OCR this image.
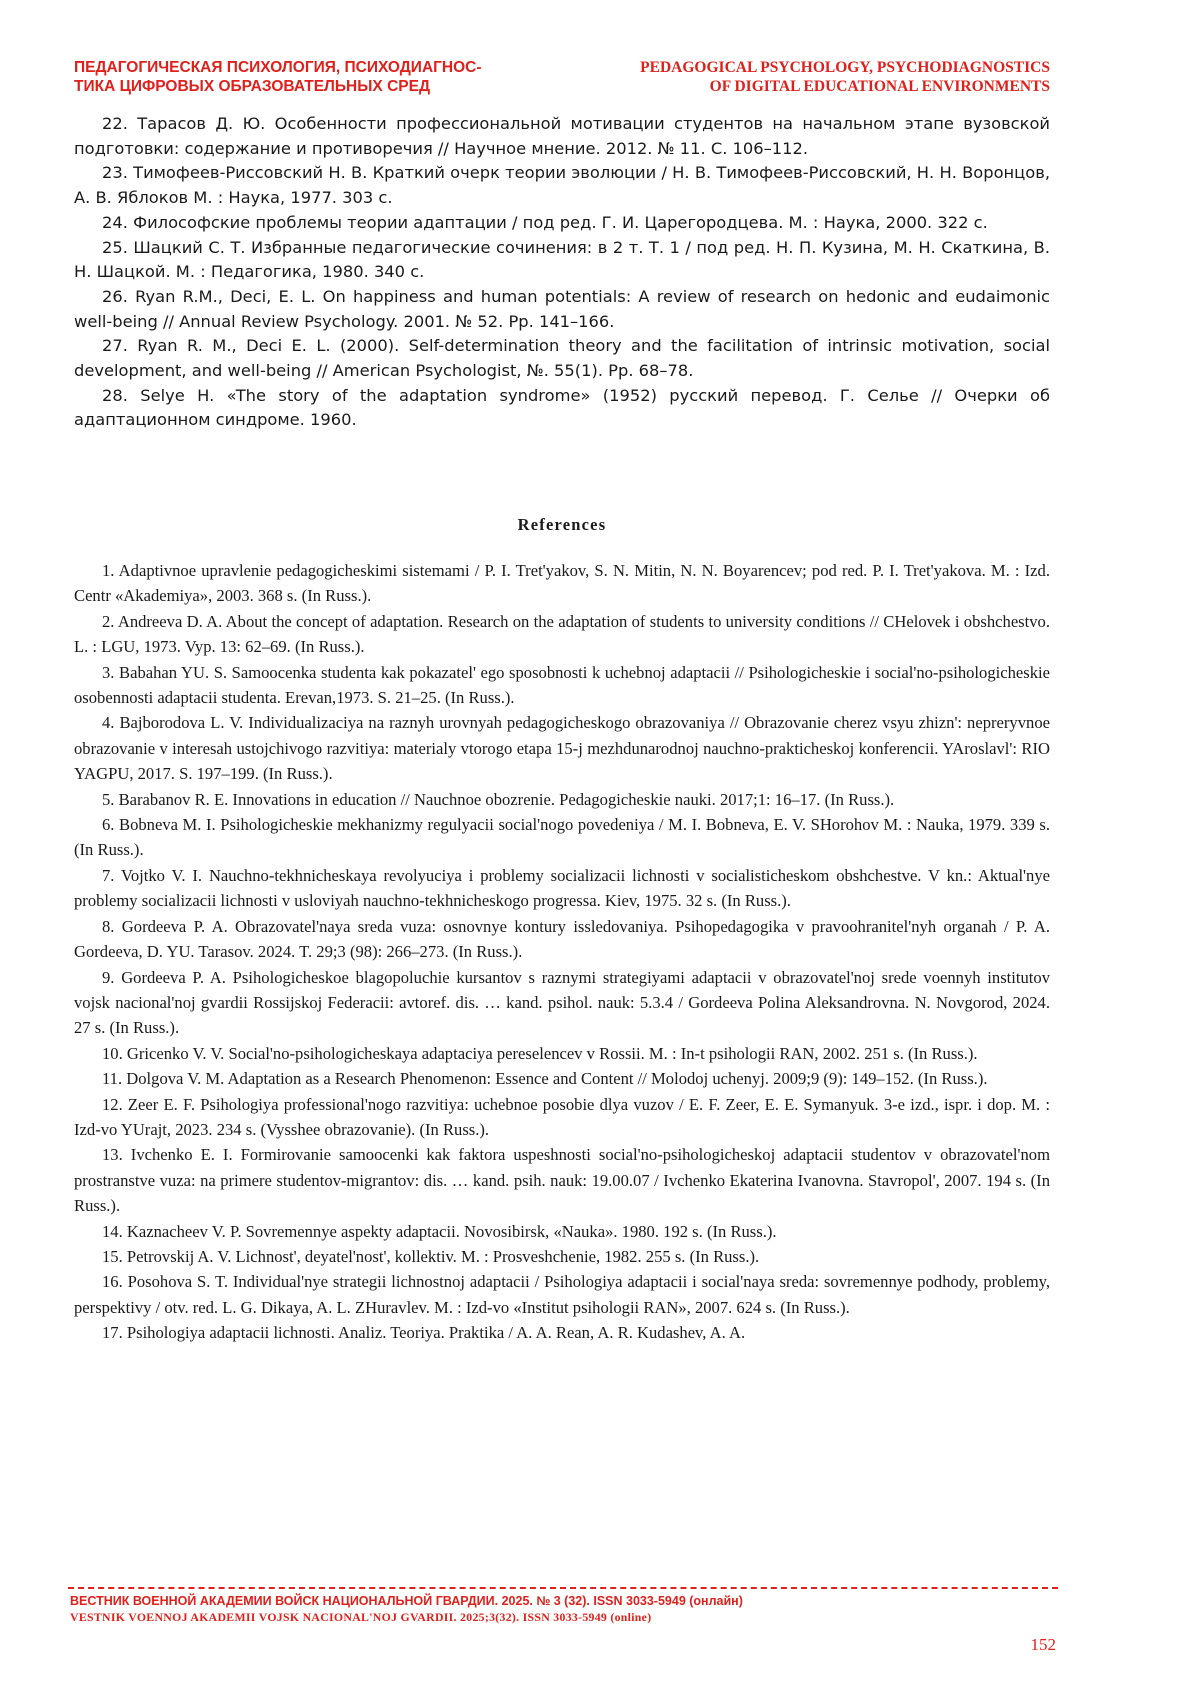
ПЕДАГОГИЧЕСКАЯ ПСИХОЛОГИЯ, ПСИХОДИАГНОС-
ТИКА ЦИФРОВЫХ ОБРАЗОВАТЕЛЬНЫХ СРЕД
PEDAGOGICAL PSYCHOLOGY, PSYCHODIAGNOSTICS
OF DIGITAL EDUCATIONAL ENVIRONMENTS

22. Тарасов Д. Ю. Особенности профессиональной мотивации студентов на начальном этапе вузовской подготовки: содержание и противоречия // Научное мнение. 2012. № 11. С. 106–112.

23. Тимофеев-Риссовский Н. В. Краткий очерк теории эволюции / Н. В. Тимофеев-Риссовский, Н. Н. Воронцов, А. В. Яблоков М. : Наука, 1977. 303 с.

24. Философские проблемы теории адаптации / под ред. Г. И. Царегородцева. М. : Наука, 2000. 322 с.

25. Шацкий С. Т. Избранные педагогические сочинения: в 2 т. Т. 1 / под ред. Н. П. Кузина, М. Н. Скаткина, В. Н. Шацкой. М. : Педагогика, 1980. 340 с.

26. Ryan R.M., Deci, E. L. On happiness and human potentials: A review of research on hedonic and eudaimonic well-being // Annual Review Psychology. 2001. № 52. Pp. 141–166.

27. Ryan R. M., Deci E. L. (2000). Self-determination theory and the facilitation of intrinsic motivation, social development, and well-being // American Psychologist, №. 55(1). Pp. 68–78.

28. Selye H. «The story of the adaptation syndrome» (1952) русский перевод. Г. Селье // Очерки об адаптационном синдроме. 1960.

References

1. Adaptivnoe upravlenie pedagogicheskimi sistemami / P. I. Tret'yakov, S. N. Mitin, N. N. Boyarencev; pod red. P. I. Tret'yakova. M. : Izd. Centr «Akademiya», 2003. 368 s. (In Russ.).

2. Andreeva D. A. About the concept of adaptation. Research on the adaptation of students to university conditions // CHelovek i obshchestvo. L. : LGU, 1973. Vyp. 13: 62–69. (In Russ.).

3. Babahan YU. S. Samoocenka studenta kak pokazatel' ego sposobnosti k uchebnoj adaptacii // Psihologicheskie i social'no-psihologicheskie osobennosti adaptacii studenta. Erevan,1973. S. 21–25. (In Russ.).

4. Bajborodova L. V. Individualizaciya na raznyh urovnyah pedagogicheskogo obrazovaniya // Obrazovanie cherez vsyu zhizn': nepreryvnoe obrazovanie v interesah ustojchivogo razvitiya: materialy vtorogo etapa 15-j mezhdunarodnoj nauchno-prakticheskoj konferencii. YAroslavl': RIO YAGPU, 2017. S. 197–199. (In Russ.).

5. Barabanov R. E. Innovations in education // Nauchnoe obozrenie. Pedagogicheskie nauki. 2017;1: 16–17. (In Russ.).

6. Bobneva M. I. Psihologicheskie mekhanizmy regulyacii social'nogo povedeniya / M. I. Bobneva, E. V. SHorohov M. : Nauka, 1979. 339 s. (In Russ.).

7. Vojtko V. I. Nauchno-tekhnicheskaya revolyuciya i problemy socializacii lichnosti v socialisticheskom obshchestve. V kn.: Aktual'nye problemy socializacii lichnosti v usloviyah nauchno-tekhnicheskogo progressa. Kiev, 1975. 32 s. (In Russ.).

8. Gordeeva P. A. Obrazovatel'naya sreda vuza: osnovnye kontury issledovaniya. Psihopedagogika v pravoohranitel'nyh organah / P. A. Gordeeva, D. YU. Tarasov. 2024. T. 29;3 (98): 266–273. (In Russ.).

9. Gordeeva P. A. Psihologicheskoe blagopoluchie kursantov s raznymi strategiyami adaptacii v obrazovatel'noj srede voennyh institutov vojsk nacional'noj gvardii Rossijskoj Federacii: avtoref. dis. … kand. psihol. nauk: 5.3.4 / Gordeeva Polina Aleksandrovna. N. Novgorod, 2024. 27 s. (In Russ.).

10. Gricenko V. V. Social'no-psihologicheskaya adaptaciya pereselencev v Rossii. M. : In-t psihologii RAN, 2002. 251 s. (In Russ.).

11. Dolgova V. M. Adaptation as a Research Phenomenon: Essence and Content // Molodoj uchenyj. 2009;9 (9): 149–152. (In Russ.).

12. Zeer E. F. Psihologiya professional'nogo razvitiya: uchebnoe posobie dlya vuzov / E. F. Zeer, E. E. Symanyuk. 3-e izd., ispr. i dop. M. : Izd-vo YUrajt, 2023. 234 s. (Vysshee obrazovanie). (In Russ.).

13. Ivchenko E. I. Formirovanie samoocenki kak faktora uspeshnosti social'no-psihologicheskoj adaptacii studentov v obrazovatel'nom prostranstve vuza: na primere studentov-migrantov: dis. … kand. psih. nauk: 19.00.07 / Ivchenko Ekaterina Ivanovna. Stavropol', 2007. 194 s. (In Russ.).

14. Kaznacheev V. P. Sovremennye aspekty adaptacii. Novosibirsk, «Nauka». 1980. 192 s. (In Russ.).

15. Petrovskij A. V. Lichnost', deyatel'nost', kollektiv. M. : Prosveshchenie, 1982. 255 s. (In Russ.).

16. Posohova S. T. Individual'nye strategii lichnostnoj adaptacii / Psihologiya adaptacii i social'naya sreda: sovremennye podhody, problemy, perspektivy / otv. red. L. G. Dikaya, A. L. ZHuravlev. M. : Izd-vo «Institut psihologii RAN», 2007. 624 s. (In Russ.).

17. Psihologiya adaptacii lichnosti. Analiz. Teoriya. Praktika / A. A. Rean, A. R. Kudashev, A. A.

ВЕСТНИК ВОЕННОЙ АКАДЕМИИ ВОЙСК НАЦИОНАЛЬНОЙ ГВАРДИИ. 2025. № 3 (32). ISSN 3033-5949 (онлайн)
VESTNIK VOENNOJ AKADEMII VOJSK NACIONAL'NOJ GVARDII. 2025;3(32). ISSN 3033-5949 (online)
152
